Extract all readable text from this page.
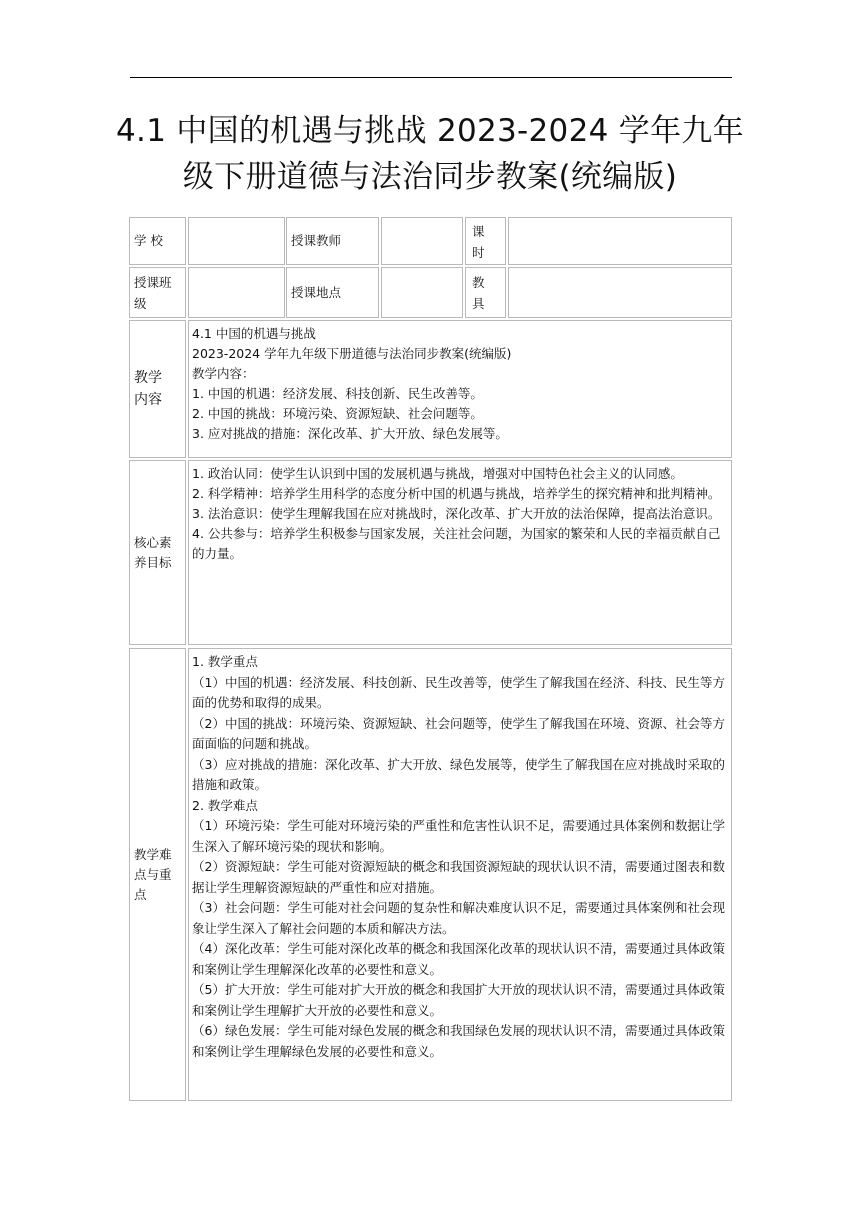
4.1 中国的机遇与挑战 2023-2024 学年九年
级下册道德与法治同步教案(统编版)
学 校	授课教师
课时
授课班级
授课地点
教具
教学内容

4.1 中国的机遇与挑战

2023-2024 学年九年级下册道德与法治同步教案(统编版)

教学内容：

1. 中国的机遇：经济发展、科技创新、民生改善等。

2. 中国的挑战：环境污染、资源短缺、社会问题等。

3. 应对挑战的措施：深化改革、扩大开放、绿色发展等。

核心素养目标

1. 政治认同：使学生认识到中国的发展机遇与挑战，增强对中国特色社会主义的认同感。

2. 科学精神：培养学生用科学的态度分析中国的机遇与挑战，培养学生的探究精神和批判精神。

3. 法治意识：使学生理解我国在应对挑战时，深化改革、扩大开放的法治保障，提高法治意识。

4. 公共参与：培养学生积极参与国家发展，关注社会问题，为国家的繁荣和人民的幸福贡献自己的力量。

教学难点与重点

1. 教学重点

（1）中国的机遇：经济发展、科技创新、民生改善等，使学生了解我国在经济、科技、民生等方面的优势和取得的成果。

（2）中国的挑战：环境污染、资源短缺、社会问题等，使学生了解我国在环境、资源、社会等方面面临的问题和挑战。

（3）应对挑战的措施：深化改革、扩大开放、绿色发展等，使学生了解我国在应对挑战时采取的措施和政策。

2. 教学难点

（1）环境污染：学生可能对环境污染的严重性和危害性认识不足，需要通过具体案例和数据让学生深入了解环境污染的现状和影响。

（2）资源短缺：学生可能对资源短缺的概念和我国资源短缺的现状认识不清，需要通过图表和数据让学生理解资源短缺的严重性和应对措施。

（3）社会问题：学生可能对社会问题的复杂性和解决难度认识不足，需要通过具体案例和社会现象让学生深入了解社会问题的本质和解决方法。

（4）深化改革：学生可能对深化改革的概念和我国深化改革的现状认识不清，需要通过具体政策和案例让学生理解深化改革的必要性和意义。

（5）扩大开放：学生可能对扩大开放的概念和我国扩大开放的现状认识不清，需要通过具体政策和案例让学生理解扩大开放的必要性和意义。

（6）绿色发展：学生可能对绿色发展的概念和我国绿色发展的现状认识不清，需要通过具体政策和案例让学生理解绿色发展的必要性和意义。
